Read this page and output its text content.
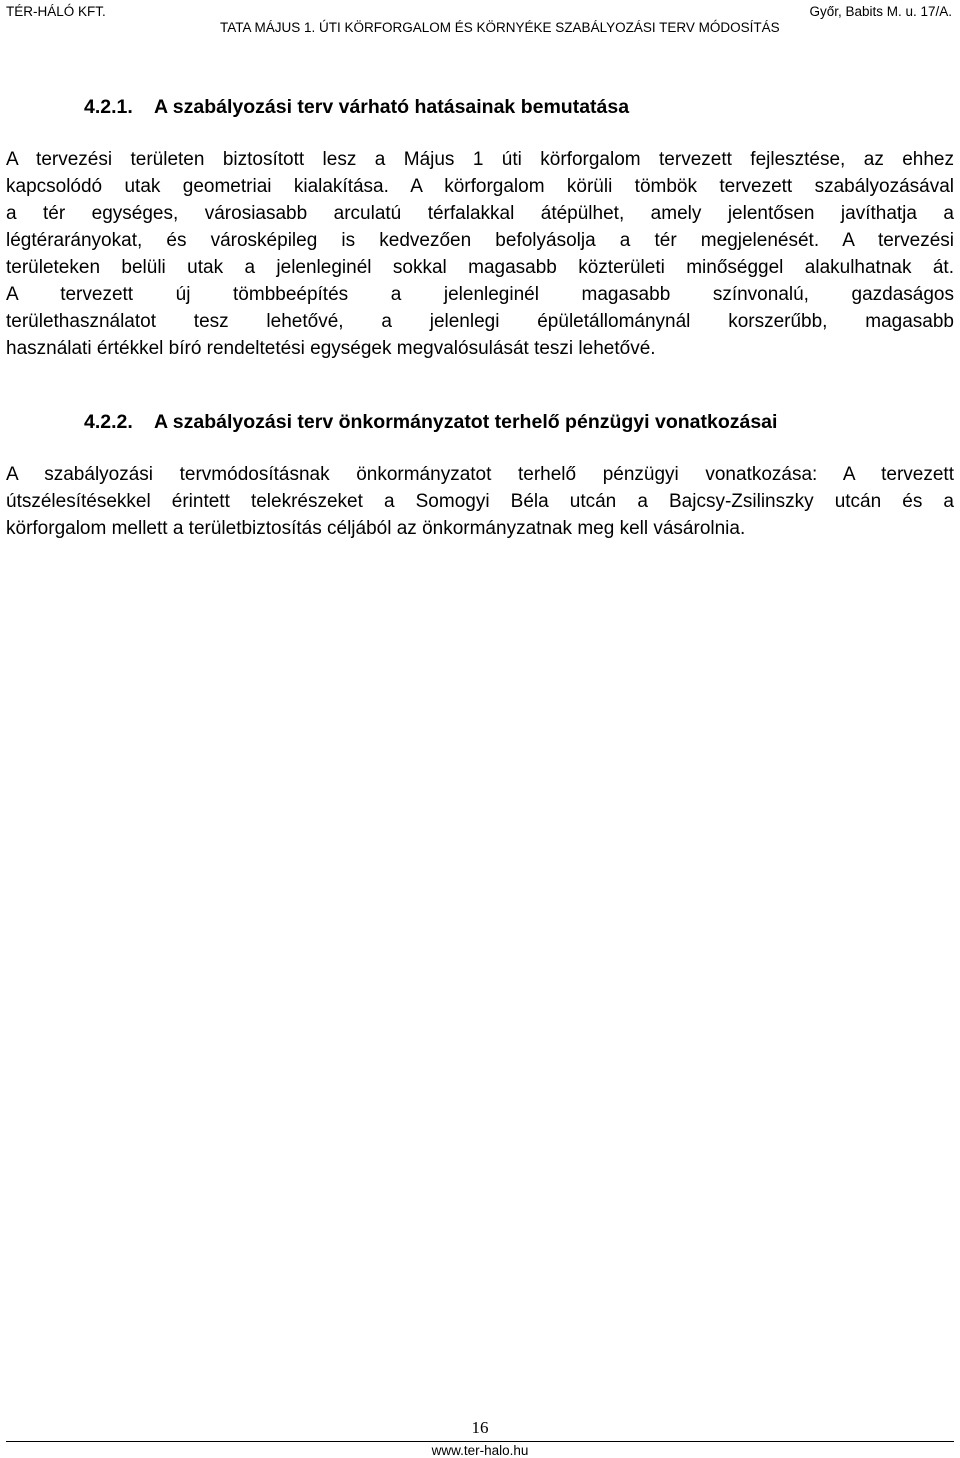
TÉR-HÁLÓ KFT.
TATA MÁJUS 1. ÚTI KÖRFORGALOM ÉS KÖRNYÉKE SZABÁLYOZÁSI TERV MÓDOSÍTÁS
Győr, Babits M. u. 17/A.
4.2.1. A szabályozási terv várható hatásainak bemutatása
A tervezési területen biztosított lesz a Május 1 úti körforgalom tervezett fejlesztése, az ehhez
kapcsolódó utak geometriai kialakítása. A körforgalom körüli tömbök tervezett szabályozásával
a tér egységes, városiasabb arculatú térfalakkal átépülhet, amely jelentősen javíthatja a
légtérarányokat, és városképileg is kedvezően befolyásolja a tér megjelenését. A tervezési
területeken belüli utak a jelenleginél sokkal magasabb közterületi minőséggel alakulhatnak át.
A tervezett új tömbbeépítés a jelenleginél magasabb színvonalú, gazdaságos
területhasználatot tesz lehetővé, a jelenlegi épületállománynál korszerűbb, magasabb
használati értékkel bíró rendeltetési egységek megvalósulását teszi lehetővé.
4.2.2. A szabályozási terv önkormányzatot terhelő pénzügyi vonatkozásai
A szabályozási tervmódosításnak önkormányzatot terhelő pénzügyi vonatkozása: A tervezett
útszélesítésekkel érintett telekrészeket a Somogyi Béla utcán a Bajcsy-Zsilinszky utcán és a
körforgalom mellett a területbiztosítás céljából az önkormányzatnak meg kell vásárolnia.
16
www.ter-halo.hu
